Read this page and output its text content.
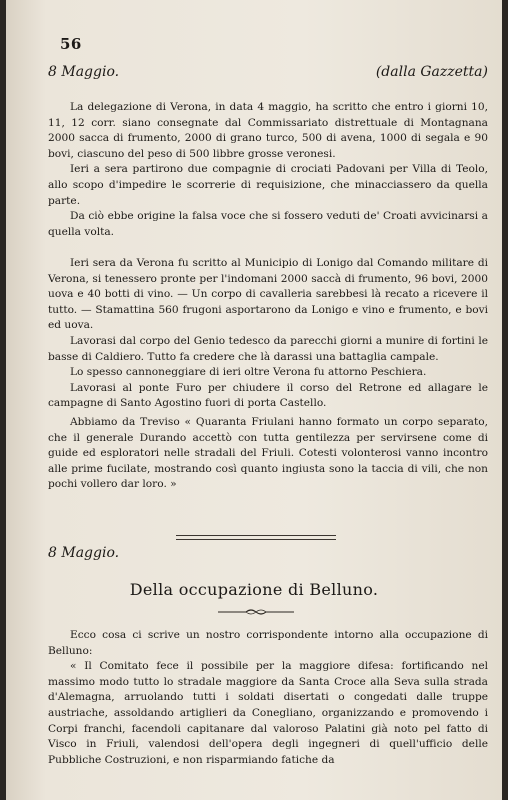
56
8 Maggio.	(dalla Gazzetta)

La delegazione di Verona, in data 4 maggio, ha scritto che entro i giorni 10, 11, 12 corr. siano consegnate dal Commissariato distrettuale di Montagnana 2000 sacca di frumento, 2000 di grano turco, 500 di avena, 1000 di segala e 90 bovi, ciascuno del peso di 500 libbre grosse veronesi.

Ieri a sera partirono due compagnie di crociati Padovani per Villa di Teolo, allo scopo d'impedire le scorrerie di requisizione, che minacciassero da quella parte.

Da ciò ebbe origine la falsa voce che si fossero veduti de' Croati avvicinarsi a quella volta.

Ieri sera da Verona fu scritto al Municipio di Lonigo dal Comando militare di Verona, si tenessero pronte per l'indomani 2000 saccà di frumento, 96 bovi, 2000 uova e 40 botti di vino. — Un corpo di cavalleria sarebbesi là recato a ricevere il tutto. — Stamattina 560 frugoni asportarono da Lonigo e vino e frumento, e bovi ed uova.

Lavorasi dal corpo del Genio tedesco da parecchi giorni a munire di fortini le basse di Caldiero. Tutto fa credere che là darassi una battaglia campale.

Lo spesso cannoneggiare di ieri oltre Verona fu attorno Peschiera.

Lavorasi al ponte Furo per chiudere il corso del Retrone ed allagare le campagne di Santo Agostino fuori di porta Castello.

Abbiamo da Treviso « Quaranta Friulani hanno formato un corpo separato, che il generale Durando accettò con tutta gentilezza per servirsene come di guide ed esploratori nelle stradali del Friuli. Cotesti volonterosi vanno incontro alle prime fucilate, mostrando così quanto ingiusta sono la taccia di vili, che non pochi vollero dar loro. »

8 Maggio.
Della occupazione di Belluno.

Ecco cosa ci scrive un nostro corrispondente intorno alla occupazione di Belluno:

« Il Comitato fece il possibile per la maggiore difesa: fortificando nel massimo modo tutto lo stradale maggiore da Santa Croce alla Seva sulla strada d'Alemagna, arruolando tutti i soldati disertati o congedati dalle truppe austriache, assoldando artiglieri da Conegliano, organizzando e promovendo i Corpi franchi, facendoli capitanare dal valoroso Palatini già noto pel fatto di Visco in Friuli, valendosi dell'opera degli ingegneri di quell'ufficio delle Pubbliche Costruzioni, e non risparmiando fatiche da
